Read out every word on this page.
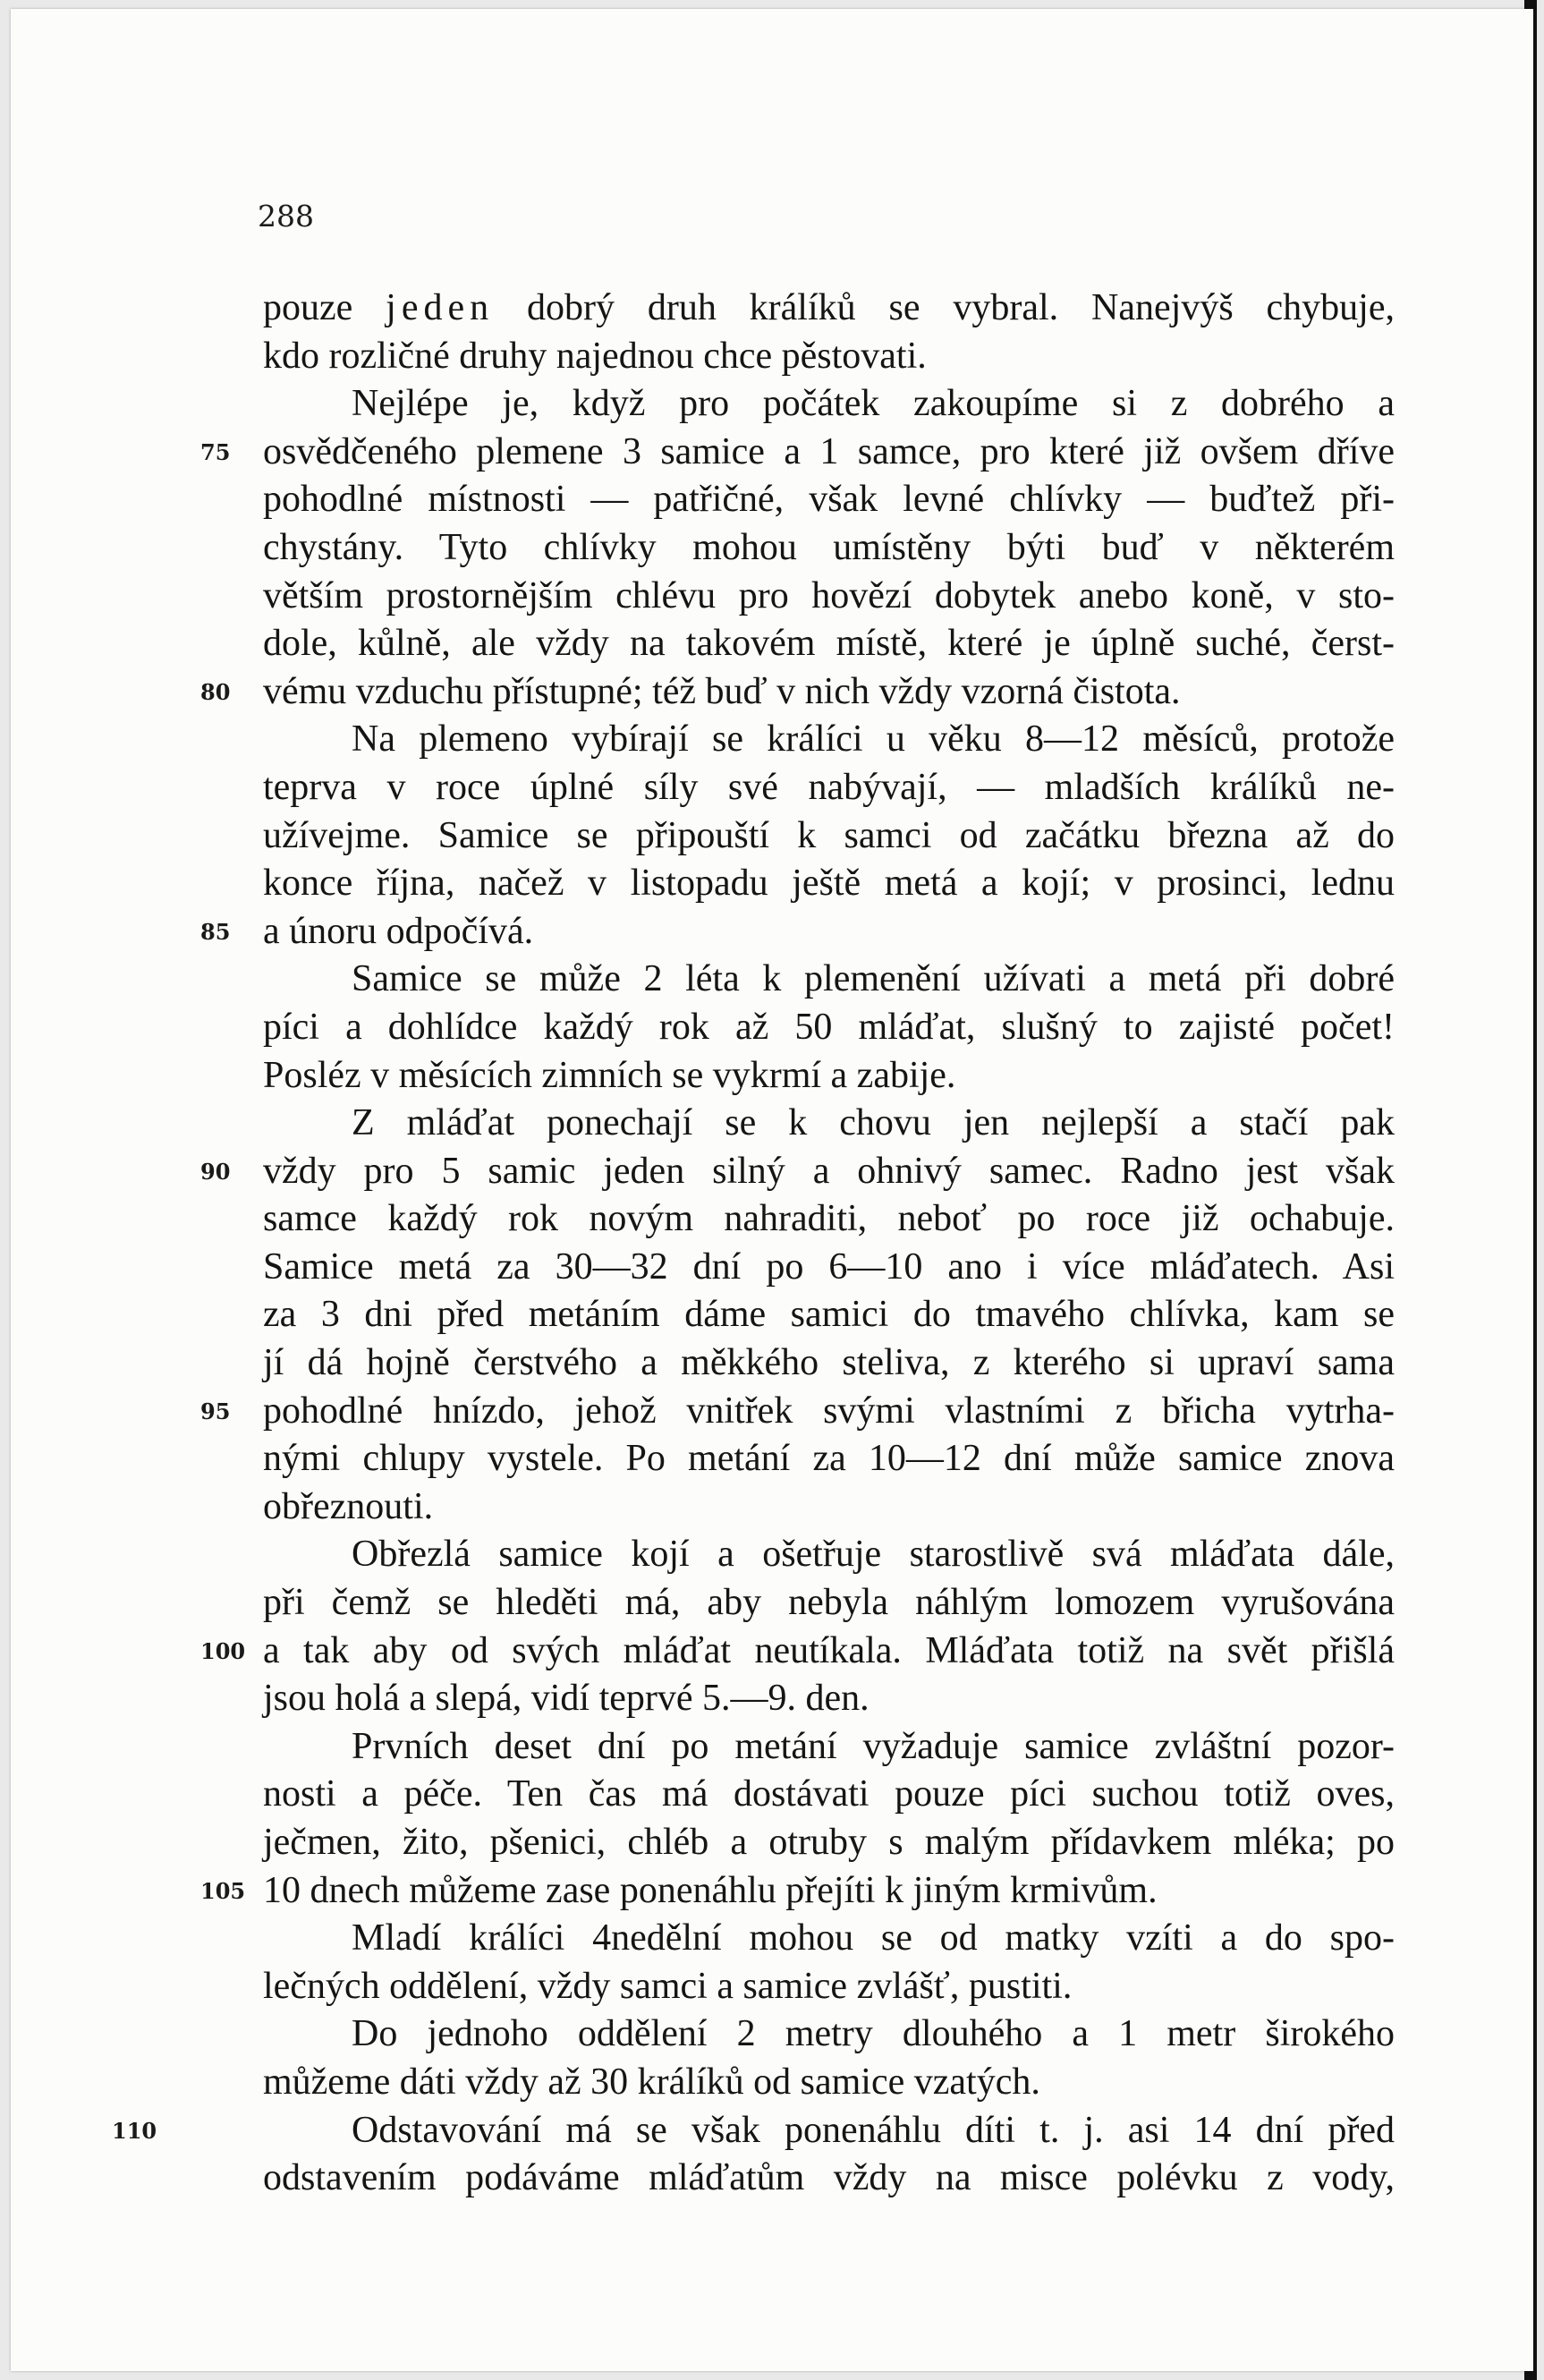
288
pouze jeden dobrý druh králíků se vybral. Nanejvýš chybuje,
kdo rozličné druhy najednou chce pěstovati.
Nejlépe je, když pro počátek zakoupíme si z dobrého a
75 osvědčeného plemene 3 samice a 1 samce, pro které již ovšem dříve
pohodlné místnosti — patřičné, však levné chlívky — buďtež při-
chystány. Tyto chlívky mohou umístěny býti buď v některém
větším prostornějším chlévu pro hovězí dobytek anebo koně, v sto-
dole, kůlně, ale vždy na takovém místě, které je úplně suché, čerst-
80 vému vzduchu přístupné; též buď v nich vždy vzorná čistota.
Na plemeno vybírají se králíci u věku 8—12 měsíců, protože
teprva v roce úplné síly své nabývají, — mladších králíků ne-
užívejme. Samice se připouští k samci od začátku března až do
konce října, načež v listopadu ještě metá a kojí; v prosinci, lednu
85 a únoru odpočívá.
Samice se může 2 léta k plemenění užívati a metá při dobré
píci a dohlídce každý rok až 50 mláďat, slušný to zajisté počet!
Posléz v měsících zimních se vykrmí a zabije.
Z mláďat ponechají se k chovu jen nejlepší a stačí pak
90 vždy pro 5 samic jeden silný a ohnivý samec. Radno jest však
samce každý rok novým nahraditi, neboť po roce již ochabuje.
Samice metá za 30—32 dní po 6—10 ano i více mláďatech. Asi
za 3 dni před metáním dáme samici do tmavého chlívka, kam se
jí dá hojně čerstvého a měkkého steliva, z kterého si upraví sama
95 pohodlné hnízdo, jehož vnitřek svými vlastními z břicha vytrha-
nými chlupy vystele. Po metání za 10—12 dní může samice znova
obřeznouti.
Obřezlá samice kojí a ošetřuje starostlivě svá mláďata dále,
při čemž se hleděti má, aby nebyla náhlým lomozem vyrušována
100 a tak aby od svých mláďat neutíkala. Mláďata totiž na svět přišlá
jsou holá a slepá, vidí teprvé 5.—9. den.
Prvních deset dní po metání vyžaduje samice zvláštní pozor-
nosti a péče. Ten čas má dostávati pouze píci suchou totiž oves,
ječmen, žito, pšenici, chléb a otruby s malým přídavkem mléka; po
105 10 dnech můžeme zase ponenáhlu přejíti k jiným krmivům.
Mladí králíci 4nedělní mohou se od matky vzíti a do spo-
lečných oddělení, vždy samci a samice zvlášť, pustiti.
Do jednoho oddělení 2 metry dlouhého a 1 metr širokého
můžeme dáti vždy až 30 králíků od samice vzatých.
110	Odstavování má se však ponenáhlu díti t. j. asi 14 dní před
odstavením podáváme mláďatům vždy na misce polévku z vody,
